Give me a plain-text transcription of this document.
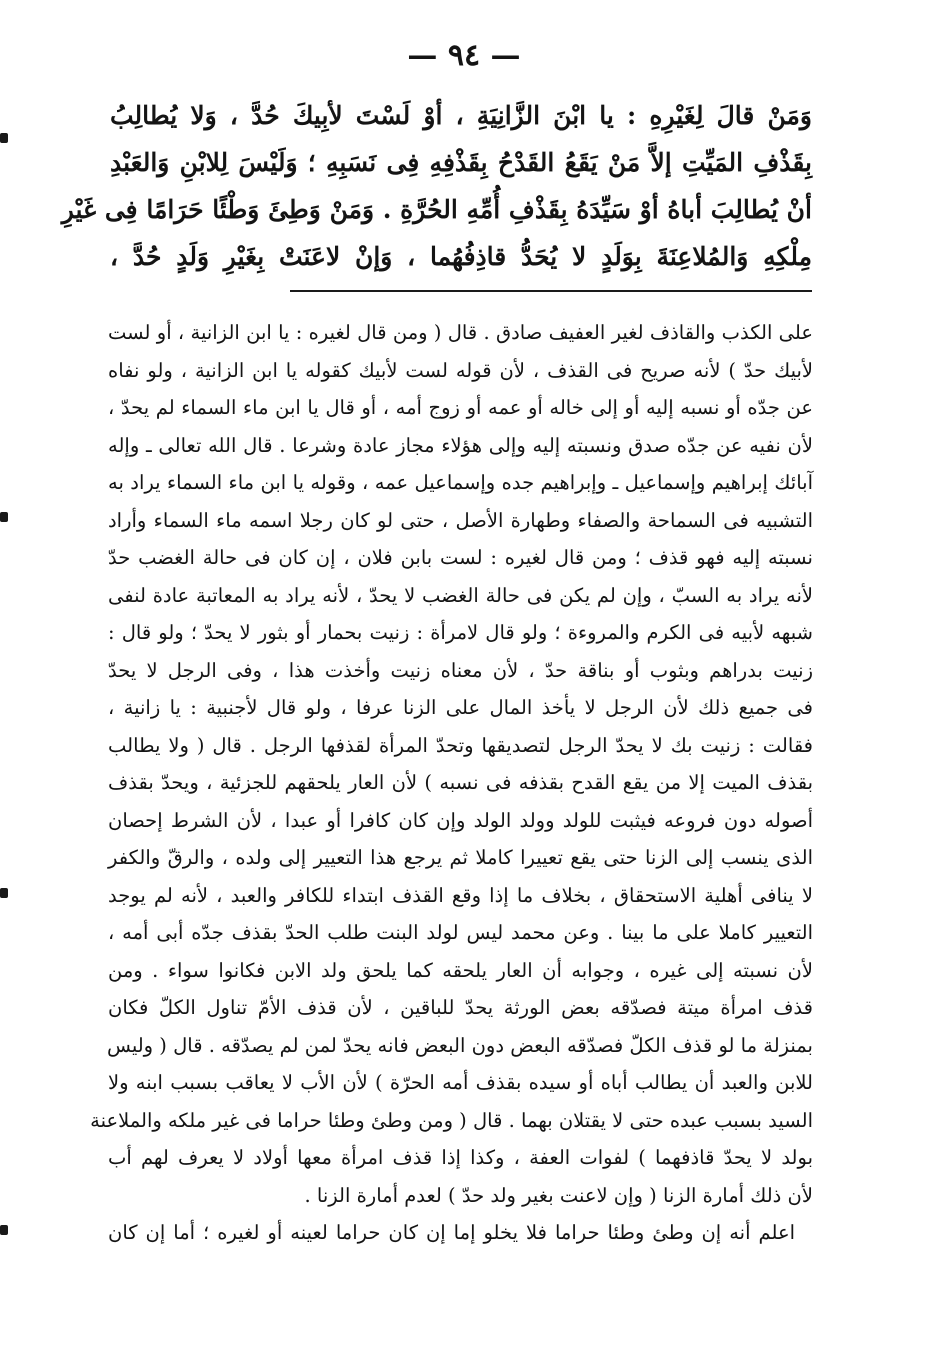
— ٩٤ —
وَمَنْ قالَ لِغَيْرِهِ : يا ابْنَ الزَّانِيَةِ ، أوْ لَسْتَ لأبِيكَ حُدَّ ، وَلا يُطالِبُ
بِقَذْفِ المَيِّتِ إلاَّ مَنْ يَقَعُ القَدْحُ بِقَذْفِهِ فِى نَسَبِهِ ؛ وَلَيْسَ لِلابْنِ وَالعَبْدِ
أنْ يُطالِبَ أباهُ أوْ سَيِّدَهُ بِقَذْفِ أُمِّهِ الحُرَّةِ . وَمَنْ وَطِئَ وَطْئًا حَرَامًا فِى غَيْرِ
مِلْكِهِ وَالمُلاعِنَةَ بِوَلَدٍ لا يُحَدُّ قاذِفُهُما ، وَإنْ لاعَنَتْ بِغَيْرِ وَلَدٍ حُدَّ ،
على الكذب والقاذف لغير العفيف صادق . قال ( ومن قال لغيره : يا ابن الزانية ، أو لست
لأبيك حدّ ) لأنه صريح فى القذف ، لأن قوله لست لأبيك كقوله يا ابن الزانية ، ولو نفاه
عن جدّه أو نسبه إليه أو إلى خاله أو عمه أو زوج أمه ، أو قال يا ابن ماء السماء لم يحدّ ،
لأن نفيه عن جدّه صدق ونسبته إليه وإلى هؤلاء مجاز عادة وشرعا . قال الله تعالى ـ وإله
آبائك إبراهيم وإسماعيل ـ وإبراهيم جده وإسماعيل عمه ، وقوله يا ابن ماء السماء يراد به
التشبيه فى السماحة والصفاء وطهارة الأصل ، حتى لو كان رجلا اسمه ماء السماء وأراد
نسبته إليه فهو قذف ؛ ومن قال لغيره : لست بابن فلان ، إن كان فى حالة الغضب حدّ
لأنه يراد به السبّ ، وإن لم يكن فى حالة الغضب لا يحدّ ، لأنه يراد به المعاتبة عادة لنفى
شبهه لأبيه فى الكرم والمروءة ؛ ولو قال لامرأة : زنيت بحمار أو بثور لا يحدّ ؛ ولو قال :
زنيت بدراهم وبثوب أو بناقة حدّ ، لأن معناه زنيت وأخذت هذا ، وفى الرجل لا يحدّ
فى جميع ذلك لأن الرجل لا يأخذ المال على الزنا عرفا ، ولو قال لأجنبية : يا زانية ،
فقالت : زنيت بك لا يحدّ الرجل لتصديقها وتحدّ المرأة لقذفها الرجل . قال ( ولا يطالب
بقذف الميت إلا من يقع القدح بقذفه فى نسبه ) لأن العار يلحقهم للجزئية ، ويحدّ بقذف
أصوله دون فروعه فيثبت للولد وولد الولد وإن كان كافرا أو عبدا ، لأن الشرط إحصان
الذى ينسب إلى الزنا حتى يقع تعييرا كاملا ثم يرجع هذا التعيير إلى ولده ، والرقّ والكفر
لا ينافى أهلية الاستحقاق ، بخلاف ما إذا وقع القذف ابتداء للكافر والعبد ، لأنه لم يوجد
التعيير كاملا على ما بينا . وعن محمد ليس لولد البنت طلب الحدّ بقذف جدّه أبى أمه ،
لأن نسبته إلى غيره ، وجوابه أن العار يلحقه كما يلحق ولد الابن فكانوا سواء . ومن
قذف امرأة ميتة فصدّقه بعض الورثة يحدّ للباقين ، لأن قذف الأمّ تناول الكلّ فكان
بمنزلة ما لو قذف الكلّ فصدّقه البعض دون البعض فانه يحدّ لمن لم يصدّقه . قال ( وليس
للابن والعبد أن يطالب أباه أو سيده بقذف أمه الحرّة ) لأن الأب لا يعاقب بسبب ابنه ولا
السيد بسبب عبده حتى لا يقتلان بهما . قال ( ومن وطئ وطئا حراما فى غير ملكه والملاعنة
بولد لا يحدّ قاذفهما ) لفوات العفة ، وكذا إذا قذف امرأة معها أولاد لا يعرف لهم أب
لأن ذلك أمارة الزنا ( وإن لاعنت بغير ولد حدّ ) لعدم أمارة الزنا .
اعلم أنه إن وطئ وطئا حراما فلا يخلو إما إن كان حراما لعينه أو لغيره ؛ أما إن كان
